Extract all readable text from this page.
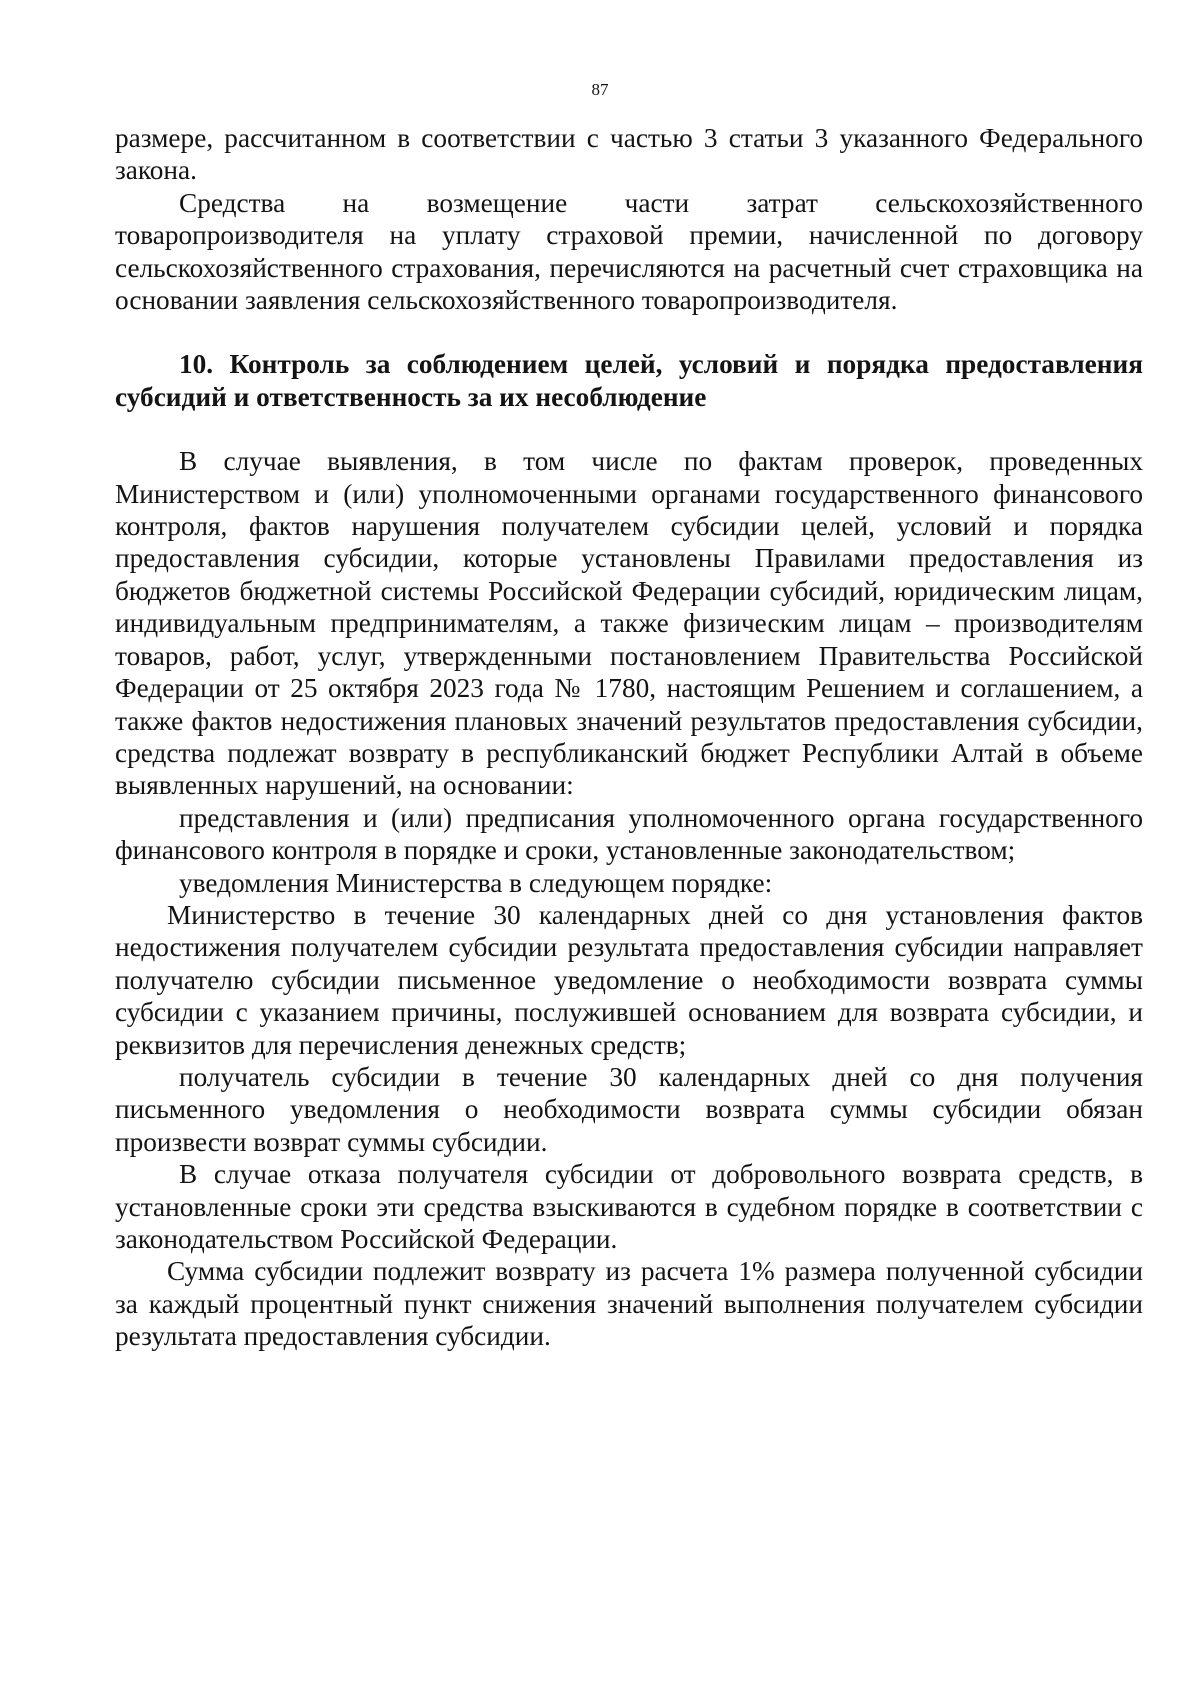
87

размере, рассчитанном в соответствии с частью 3 статьи 3 указанного Федерального закона.

Средства на возмещение части затрат сельскохозяйственного товаропроизводителя на уплату страховой премии, начисленной по договору сельскохозяйственного страхования, перечисляются на расчетный счет страховщика на основании заявления сельскохозяйственного товаропроизводителя.

10. Контроль за соблюдением целей, условий и порядка предоставления субсидий и ответственность за их несоблюдение

В случае выявления, в том числе по фактам проверок, проведенных Министерством и (или) уполномоченными органами государственного финансового контроля, фактов нарушения получателем субсидии целей, условий и порядка предоставления субсидии, которые установлены Правилами предоставления из бюджетов бюджетной системы Российской Федерации субсидий, юридическим лицам, индивидуальным предпринимателям, а также физическим лицам – производителям товаров, работ, услуг, утвержденными постановлением Правительства Российской Федерации от 25 октября 2023 года № 1780, настоящим Решением и соглашением, а также фактов недостижения плановых значений результатов предоставления субсидии, средства подлежат возврату в республиканский бюджет Республики Алтай в объеме выявленных нарушений, на основании:

представления и (или) предписания уполномоченного органа государственного финансового контроля в порядке и сроки, установленные законодательством;

уведомления Министерства в следующем порядке:

Министерство в течение 30 календарных дней со дня установления фактов недостижения получателем субсидии результата предоставления субсидии направляет получателю субсидии письменное уведомление о необходимости возврата суммы субсидии с указанием причины, послужившей основанием для возврата субсидии, и реквизитов для перечисления денежных средств;

получатель субсидии в течение 30 календарных дней со дня получения письменного уведомления о необходимости возврата суммы субсидии обязан произвести возврат суммы субсидии.

В случае отказа получателя субсидии от добровольного возврата средств, в установленные сроки эти средства взыскиваются в судебном порядке в соответствии с законодательством Российской Федерации.

Сумма субсидии подлежит возврату из расчета 1% размера полученной субсидии за каждый процентный пункт снижения значений выполнения получателем субсидии результата предоставления субсидии.
